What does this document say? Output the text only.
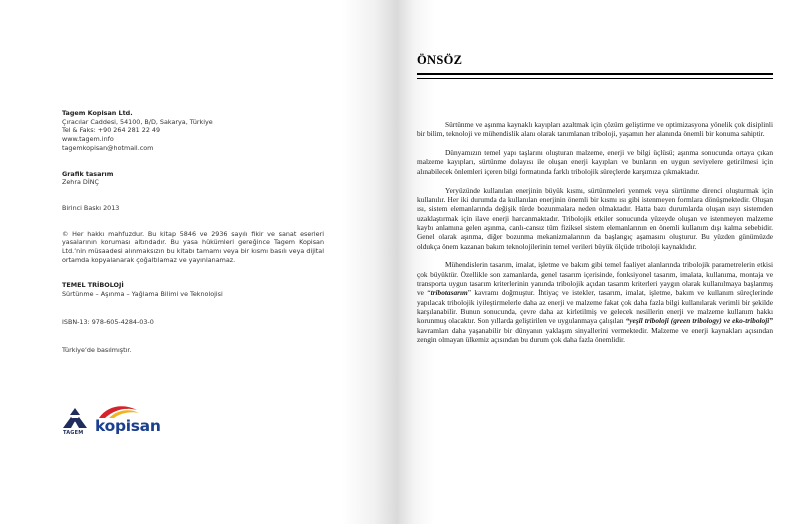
Tagem Kopisan Ltd.
Çıracılar Caddesi, 54100, B/D, Sakarya, Türkiye
Tel & Faks: +90 264 281 22 49
www.tagem.info
tagemkopisan@hotmail.com
Grafik tasarım
Zehra DİNÇ
Birinci Baskı 2013
© Her hakkı mahfuzdur. Bu kitap 5846 ve 2936 sayılı fikir ve sanat eserleri yasalarının koruması altındadır. Bu yasa hükümleri gereğince Tagem Kopisan Ltd.’nin müsaadesi alınmaksızın bu kitabı tamamı veya bir kısmı basılı veya dijital ortamda kopyalanarak çoğaltılamaz ve yayınlanamaz.
TEMEL TRİBOLOJİ
Sürtünme – Aşınma – Yağlama Bilimi ve Teknolojisi
ISBN-13: 978-605-4284-03-0
Türkiye’de basılmıştır.
TAGEM kopisan
ÖNSÖZ

Sürtünme ve aşınma kaynaklı kayıpları azaltmak için çözüm geliştirme ve optimizasyona yönelik çok disiplinli bir bilim, teknoloji ve mühendislik alanı olarak tanımlanan triboloji, yaşamın her alanında önemli bir konuma sahiptir.

Dünyamızın temel yapı taşlarını oluşturan malzeme, enerji ve bilgi üçlüsü; aşınma sonucunda ortaya çıkan malzeme kayıpları, sürtünme dolayısı ile oluşan enerji kayıpları ve bunların en uygun seviyelere getirilmesi için alınabilecek önlemleri içeren bilgi formatında farklı tribolojik süreçlerde karşımıza çıkmaktadır.

Yeryüzünde kullanılan enerjinin büyük kısmı, sürtünmeleri yenmek veya sürtünme direnci oluşturmak için kullanılır. Her iki durumda da kullanılan enerjinin önemli bir kısmı ısı gibi istenmeyen formlara dönüşmektedir. Oluşan ısı, sistem elemanlarında değişik türde bozunmalara neden olmaktadır. Hatta bazı durumlarda oluşan ısıyı sistemden uzaklaştırmak için ilave enerji harcanmaktadır. Tribolojik etkiler sonucunda yüzeyde oluşan ve istenmeyen malzeme kaybı anlamına gelen aşınma, canlı-cansız tüm fiziksel sistem elemanlarının en önemli kullanım dışı kalma sebebidir. Genel olarak aşınma, diğer bozunma mekanizmalarının da başlangıç aşamasını oluşturur. Bu yüzden günümüzde oldukça önem kazanan bakım teknolojilerinin temel verileri büyük ölçüde triboloji kaynaklıdır.

Mühendislerin tasarım, imalat, işletme ve bakım gibi temel faaliyet alanlarında tribolojik parametrelerin etkisi çok büyüktür. Özellikle son zamanlarda, genel tasarım içerisinde, fonksiyonel tasarım, imalata, kullanıma, montaja ve transporta uygun tasarım kriterlerinin yanında tribolojik açıdan tasarım kriterleri yaygın olarak kullanılmaya başlanmış ve “tribotasarım” kavramı doğmuştur. İhtiyaç ve istekler, tasarım, imalat, işletme, bakım ve kullanım süreçlerinde yapılacak tribolojik iyileştirmelerle daha az enerji ve malzeme fakat çok daha fazla bilgi kullanılarak verimli bir şekilde karşılanabilir. Bunun sonucunda, çevre daha az kirletilmiş ve gelecek nesillerin enerji ve malzeme kullanım hakkı korunmuş olacaktır. Son yıllarda geliştirilen ve uygulanmaya çalışılan “yeşil triboloji (green tribology) ve eko-triboloji” kavramları daha yaşanabilir bir dünyanın yaklaşım sinyallerini vermektedir. Malzeme ve enerji kaynakları açısından zengin olmayan ülkemiz açısından bu durum çok daha fazla önemlidir.
